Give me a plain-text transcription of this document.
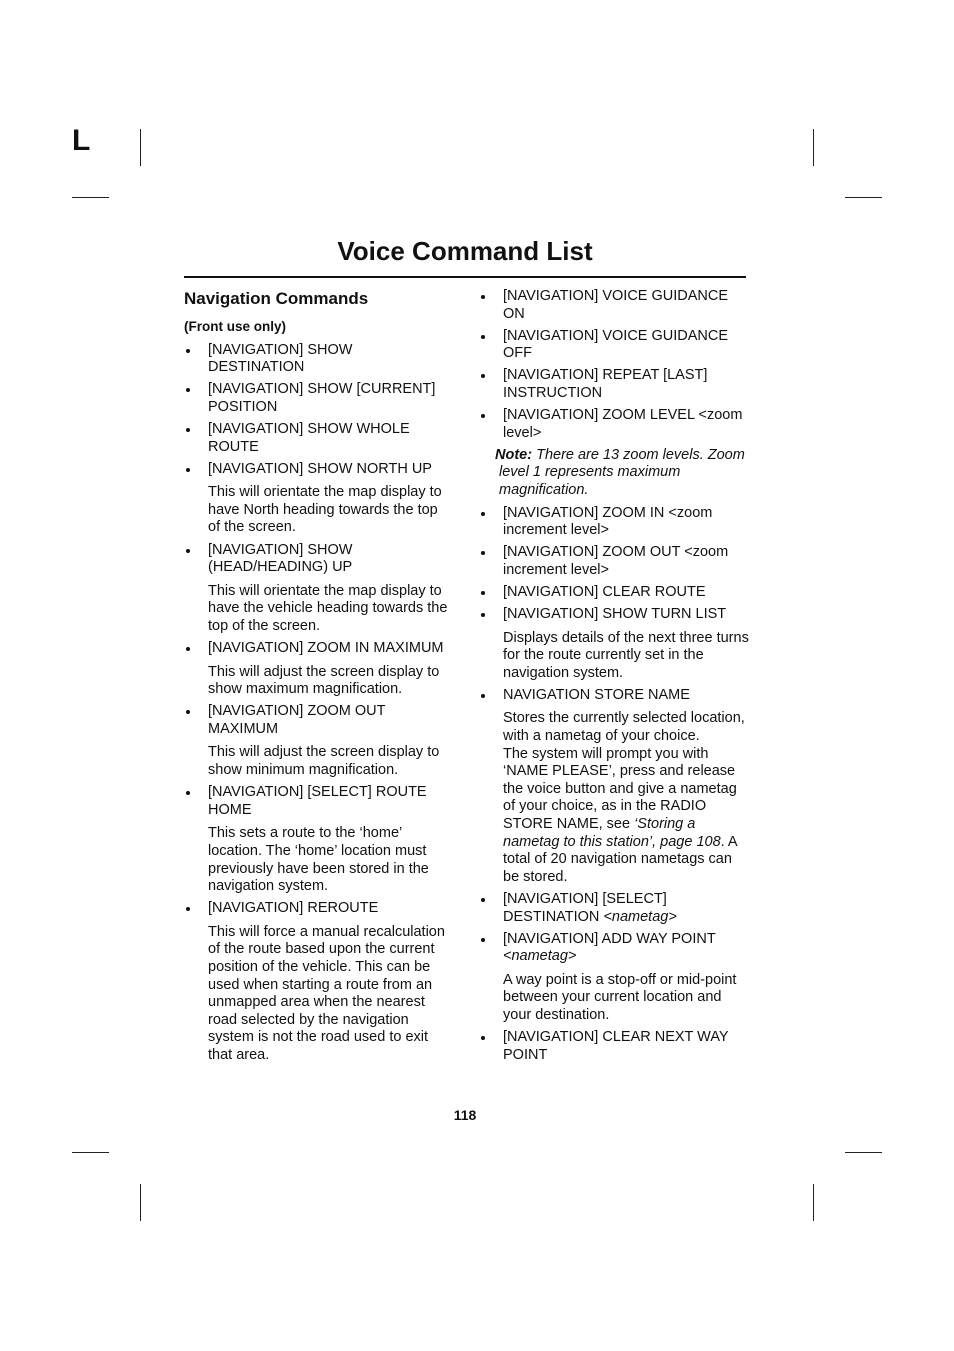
L
Voice Command List
Navigation Commands
(Front use only)
[NAVIGATION] SHOW DESTINATION
[NAVIGATION] SHOW [CURRENT] POSITION
[NAVIGATION] SHOW WHOLE ROUTE
[NAVIGATION] SHOW NORTH UP

This will orientate the map display to have North heading towards the top of the screen.

[NAVIGATION] SHOW (HEAD/HEADING) UP

This will orientate the map display to have the vehicle heading towards the top of the screen.

[NAVIGATION] ZOOM IN MAXIMUM

This will adjust the screen display to show maximum magnification.

[NAVIGATION] ZOOM OUT MAXIMUM

This will adjust the screen display to show minimum magnification.

[NAVIGATION] [SELECT] ROUTE HOME

This sets a route to the ‘home’ location. The ‘home’ location must previously have been stored in the navigation system.

[NAVIGATION] REROUTE

This will force a manual recalculation of the route based upon the current position of the vehicle. This can be used when starting a route from an unmapped area when the nearest road selected by the navigation system is not the road used to exit that area.

[NAVIGATION] VOICE GUIDANCE ON
[NAVIGATION] VOICE GUIDANCE OFF
[NAVIGATION] REPEAT [LAST] INSTRUCTION
[NAVIGATION] ZOOM LEVEL <zoom level>

Note: There are 13 zoom levels. Zoom level 1 represents maximum magnification.

[NAVIGATION] ZOOM IN <zoom increment level>
[NAVIGATION] ZOOM OUT <zoom increment level>
[NAVIGATION] CLEAR ROUTE
[NAVIGATION] SHOW TURN LIST

Displays details of the next three turns for the route currently set in the navigation system.

NAVIGATION STORE NAME

Stores the currently selected location, with a nametag of your choice.
The system will prompt you with ‘NAME PLEASE’, press and release the voice button and give a nametag of your choice, as in the RADIO STORE NAME, see ‘Storing a nametag to this station’, page 108. A total of 20 navigation nametags can be stored.

[NAVIGATION] [SELECT] DESTINATION <nametag>
[NAVIGATION] ADD WAY POINT <nametag>

A way point is a stop-off or mid-point between your current location and your destination.

[NAVIGATION] CLEAR NEXT WAY POINT
118
